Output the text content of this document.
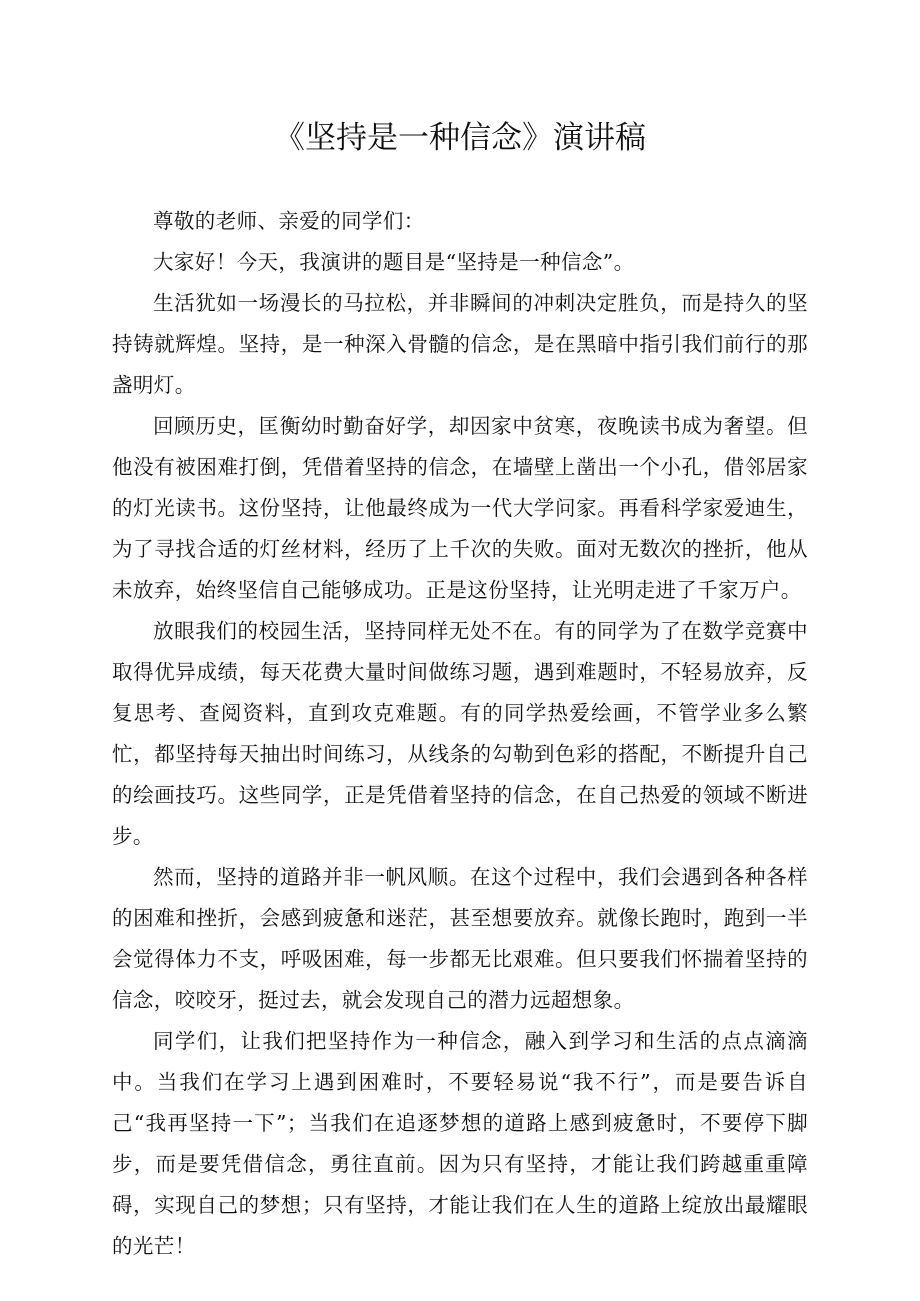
《坚持是一种信念》演讲稿

尊敬的老师、亲爱的同学们：

大家好！今天，我演讲的题目是“坚持是一种信念”。

生活犹如一场漫长的马拉松，并非瞬间的冲刺决定胜负，而是持久的坚持铸就辉煌。坚持，是一种深入骨髓的信念，是在黑暗中指引我们前行的那盏明灯。

回顾历史，匡衡幼时勤奋好学，却因家中贫寒，夜晚读书成为奢望。但他没有被困难打倒，凭借着坚持的信念，在墙壁上凿出一个小孔，借邻居家的灯光读书。这份坚持，让他最终成为一代大学问家。再看科学家爱迪生，为了寻找合适的灯丝材料，经历了上千次的失败。面对无数次的挫折，他从未放弃，始终坚信自己能够成功。正是这份坚持，让光明走进了千家万户。

放眼我们的校园生活，坚持同样无处不在。有的同学为了在数学竞赛中取得优异成绩，每天花费大量时间做练习题，遇到难题时，不轻易放弃，反复思考、查阅资料，直到攻克难题。有的同学热爱绘画，不管学业多么繁忙，都坚持每天抽出时间练习，从线条的勾勒到色彩的搭配，不断提升自己的绘画技巧。这些同学，正是凭借着坚持的信念，在自己热爱的领域不断进步。

然而，坚持的道路并非一帆风顺。在这个过程中，我们会遇到各种各样的困难和挫折，会感到疲惫和迷茫，甚至想要放弃。就像长跑时，跑到一半会觉得体力不支，呼吸困难，每一步都无比艰难。但只要我们怀揣着坚持的信念，咬咬牙，挺过去，就会发现自己的潜力远超想象。

同学们，让我们把坚持作为一种信念，融入到学习和生活的点点滴滴中。当我们在学习上遇到困难时，不要轻易说“我不行”，而是要告诉自己“我再坚持一下”；当我们在追逐梦想的道路上感到疲惫时，不要停下脚步，而是要凭借信念，勇往直前。因为只有坚持，才能让我们跨越重重障碍，实现自己的梦想；只有坚持，才能让我们在人生的道路上绽放出最耀眼的光芒！
